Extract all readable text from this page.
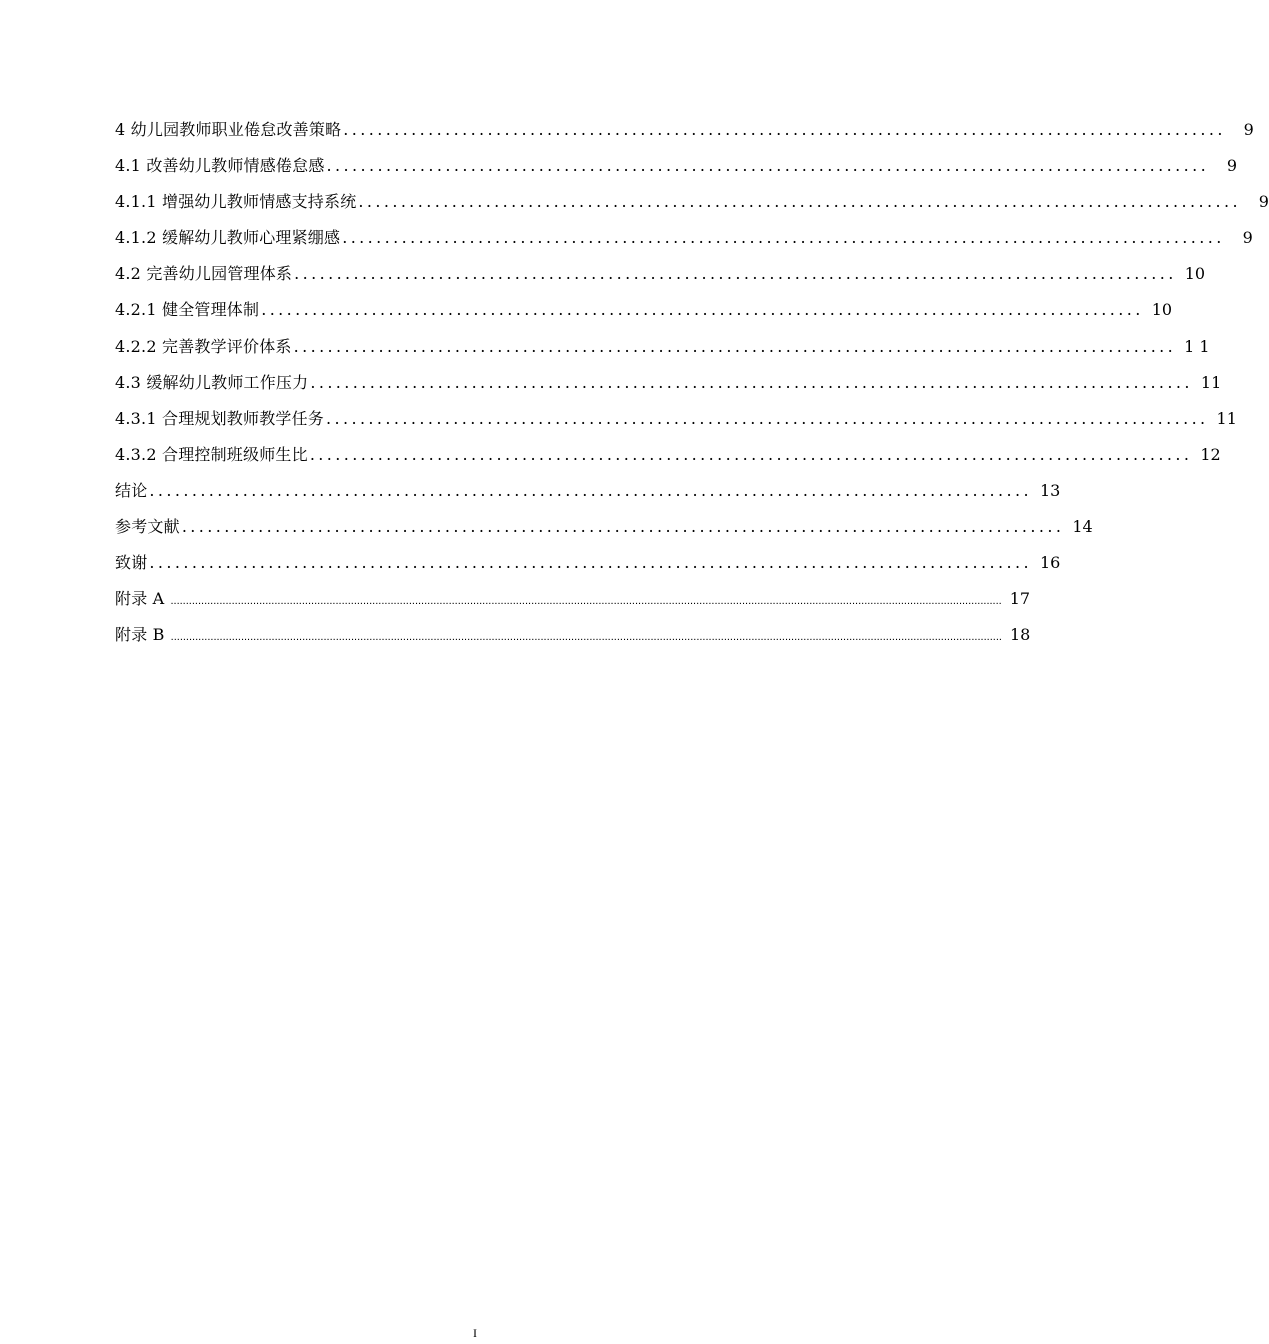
4 幼儿园教师职业倦怠改善策略 ........................................................................................................	9
4.1 改善幼儿教师情感倦怠感 ........................................................................................................	9
4.1.1 增强幼儿教师情感支持系统 ........................................................................................................	9
4.1.2 缓解幼儿教师心理紧绷感 ........................................................................................................	9
4.2 完善幼儿园管理体系 ........................................................................................................ 10
4.2.1 健全管理体制 ........................................................................................................ 10
4.2.2 完善教学评价体系 ........................................................................................................ 1 1
4.3 缓解幼儿教师工作压力 ........................................................................................................ 11
4.3.1 合理规划教师教学任务 ........................................................................................................ 11
4.3.2 合理控制班级师生比 ........................................................................................................ 12
结论 ........................................................................................................ 13
参考文献 ........................................................................................................ 14
致谢 ........................................................................................................ 16
附录 A ................................................................................................................................................................................................................................................................................ 17
附录 B ................................................................................................................................................................................................................................................................................ 18
I
